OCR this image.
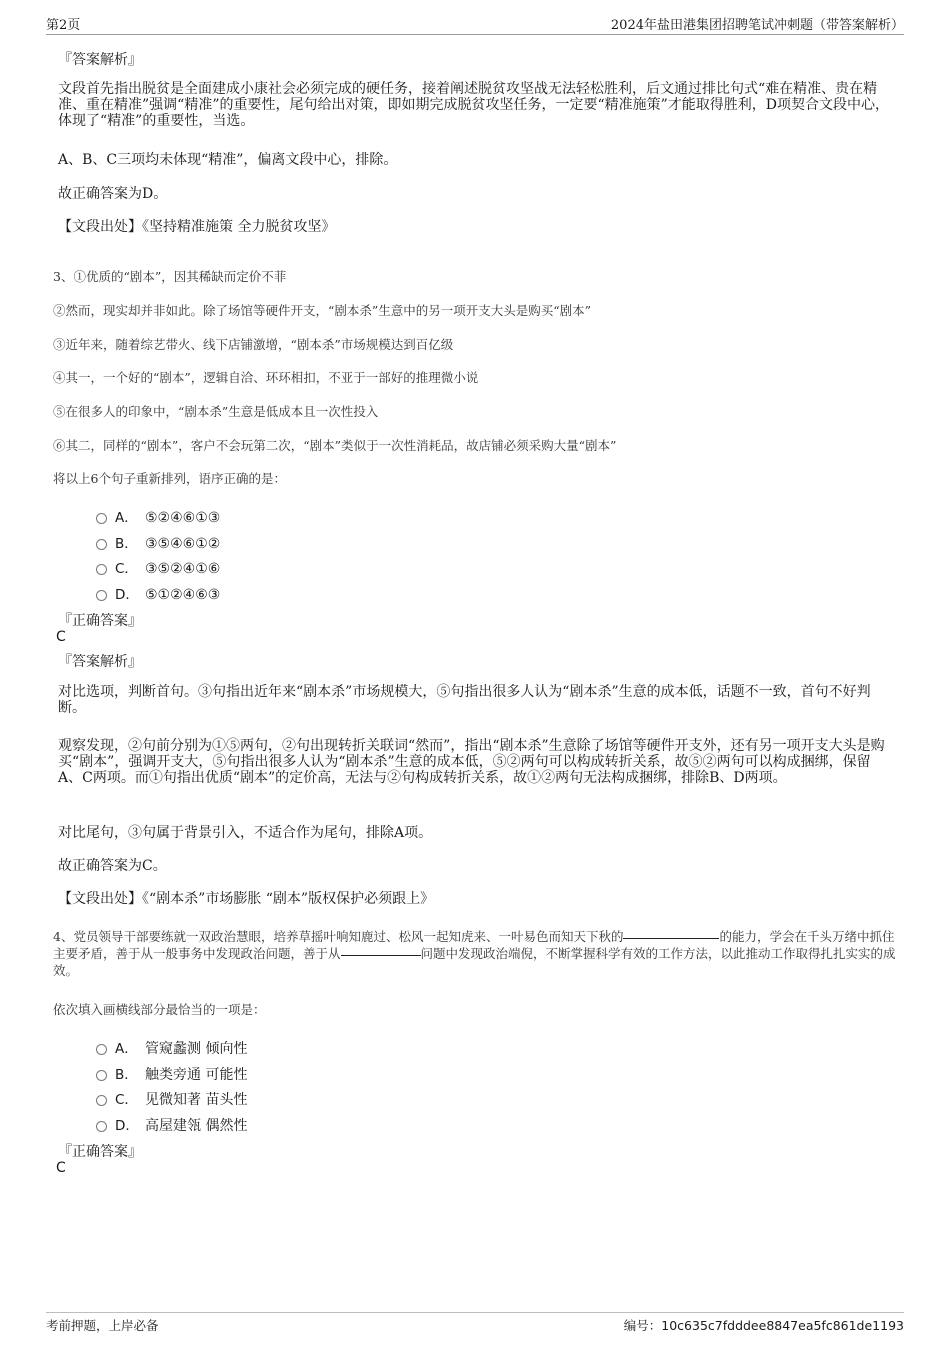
第2页	2024年盐田港集团招聘笔试冲刺题（带答案解析）
『答案解析』
文段首先指出脱贫是全面建成小康社会必须完成的硬任务，接着阐述脱贫攻坚战无法轻松胜利，后文通过排比句式“难在精准、贵在精准、重在精准”强调“精准”的重要性，尾句给出对策，即如期完成脱贫攻坚任务，一定要“精准施策”才能取得胜利，D项契合文段中心，体现了“精准”的重要性，当选。
A、B、C三项均未体现“精准”，偏离文段中心，排除。
故正确答案为D。
【文段出处】《坚持精准施策 全力脱贫攻坚》
3、①优质的“剧本”，因其稀缺而定价不菲
②然而，现实却并非如此。除了场馆等硬件开支，“剧本杀”生意中的另一项开支大头是购买“剧本”
③近年来，随着综艺带火、线下店铺激增，“剧本杀”市场规模达到百亿级
④其一，一个好的“剧本”，逻辑自洽、环环相扣，不亚于一部好的推理微小说
⑤在很多人的印象中，“剧本杀”生意是低成本且一次性投入
⑥其二，同样的“剧本”，客户不会玩第二次，“剧本”类似于一次性消耗品，故店铺必须采购大量“剧本”
将以上6个句子重新排列，语序正确的是：
A． ⑤②④⑥①③
B． ③⑤④⑥①②
C． ③⑤②④①⑥
D． ⑤①②④⑥③
『正确答案』
C
『答案解析』
对比选项，判断首句。③句指出近年来“剧本杀”市场规模大，⑤句指出很多人认为“剧本杀”生意的成本低，话题不一致，首句不好判断。
观察发现，②句前分别为①⑤两句，②句出现转折关联词“然而”，指出“剧本杀”生意除了场馆等硬件开支外，还有另一项开支大头是购买“剧本”，强调开支大，⑤句指出很多人认为“剧本杀”生意的成本低，⑤②两句可以构成转折关系，故⑤②两句可以构成捆绑，保留A、C两项。而①句指出优质“剧本”的定价高，无法与②句构成转折关系，故①②两句无法构成捆绑，排除B、D两项。
对比尾句，③句属于背景引入，不适合作为尾句，排除A项。
故正确答案为C。
【文段出处】《“剧本杀”市场膨胀 “剧本”版权保护必须跟上》
4、党员领导干部要练就一双政治慧眼，培养草摇叶响知鹿过、松风一起知虎来、一叶易色而知天下秋的	的能力，学会在千头万绪中抓住主要矛盾，善于从一般事务中发现政治问题，善于从	问题中发现政治端倪，不断掌握科学有效的工作方法，以此推动工作取得扎扎实实的成效。
依次填入画横线部分最恰当的一项是：
A． 管窥蠡测 倾向性
B． 触类旁通 可能性
C． 见微知著 苗头性
D． 高屋建瓴 偶然性
『正确答案』
C
考前押题，上岸必备	编号：10c635c7fdddee8847ea5fc861de1193
